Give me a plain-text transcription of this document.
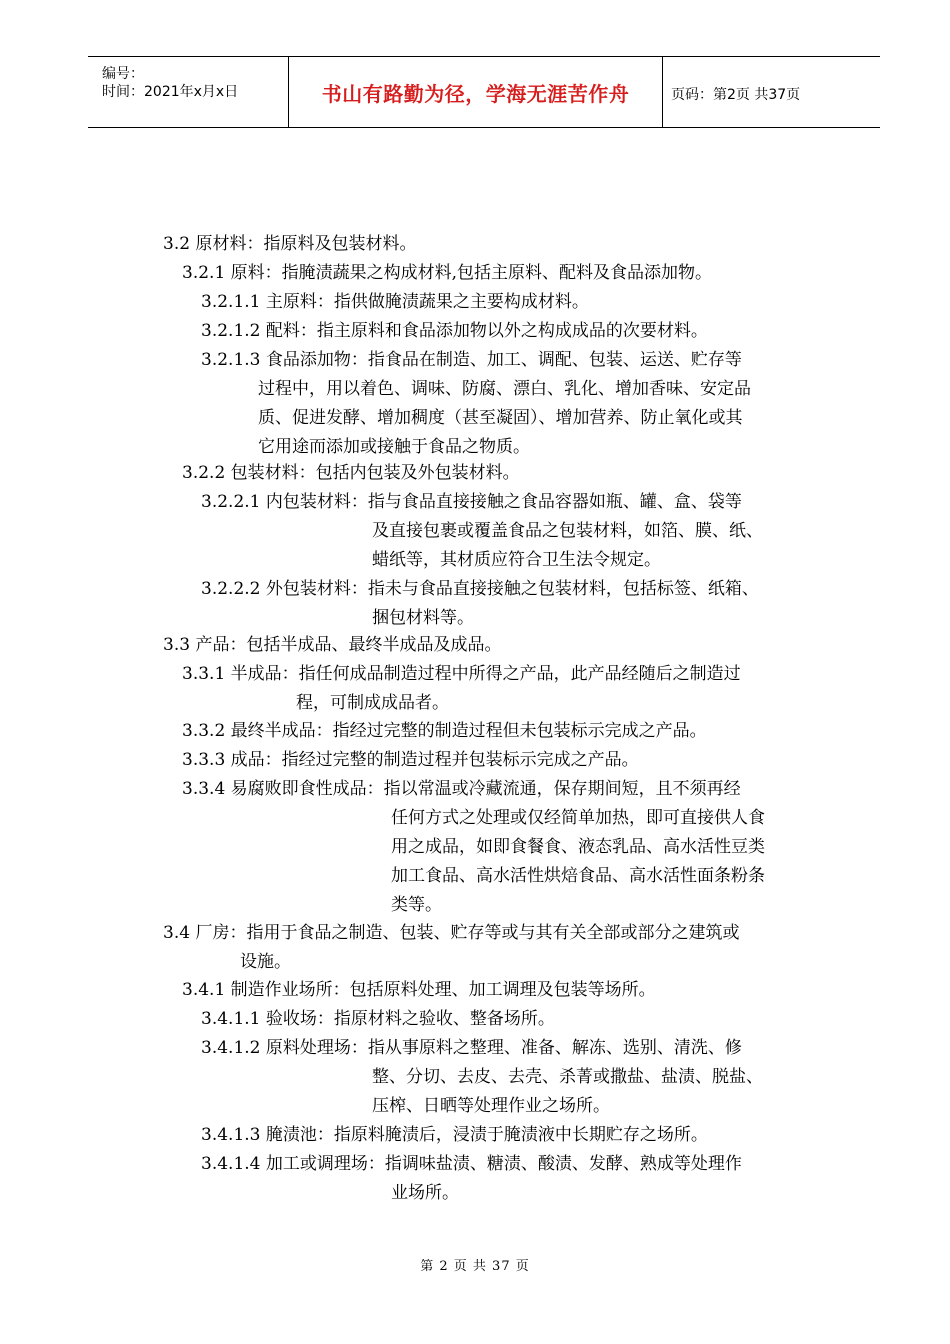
编号：
时间：2021年x月x日	书山有路勤为径，学海无涯苦作舟	页码：第2页 共37页
3.2 原材料：指原料及包装材料。
3.2.1 原料：指腌渍蔬果之构成材料,包括主原料、配料及食品添加物。
3.2.1.1 主原料：指供做腌渍蔬果之主要构成材料。
3.2.1.2 配料：指主原料和食品添加物以外之构成成品的次要材料。
3.2.1.3 食品添加物：指食品在制造、加工、调配、包装、运送、贮存等
过程中，用以着色、调味、防腐、漂白、乳化、增加香味、安定品
质、促进发酵、增加稠度（甚至凝固）、增加营养、防止氧化或其
它用途而添加或接触于食品之物质。
3.2.2 包装材料：包括内包装及外包装材料。
3.2.2.1 内包装材料：指与食品直接接触之食品容器如瓶、罐、盒、袋等
及直接包裹或覆盖食品之包装材料，如箔、膜、纸、
蜡纸等，其材质应符合卫生法令规定。
3.2.2.2 外包装材料：指未与食品直接接触之包装材料，包括标签、纸箱、
捆包材料等。
3.3 产品：包括半成品、最终半成品及成品。
3.3.1 半成品：指任何成品制造过程中所得之产品，此产品经随后之制造过
程，可制成成品者。
3.3.2 最终半成品：指经过完整的制造过程但未包装标示完成之产品。
3.3.3 成品：指经过完整的制造过程并包装标示完成之产品。
3.3.4 易腐败即食性成品：指以常温或冷藏流通，保存期间短，且不须再经
任何方式之处理或仅经简单加热，即可直接供人食
用之成品，如即食餐食、液态乳品、高水活性豆类
加工食品、高水活性烘焙食品、高水活性面条粉条
类等。
3.4 厂房：指用于食品之制造、包装、贮存等或与其有关全部或部分之建筑或
设施。
3.4.1 制造作业场所：包括原料处理、加工调理及包装等场所。
3.4.1.1 验收场：指原材料之验收、整备场所。
3.4.1.2 原料处理场：指从事原料之整理、准备、解冻、选别、清洗、修
整、分切、去皮、去壳、杀菁或撒盐、盐渍、脱盐、
压榨、日晒等处理作业之场所。
3.4.1.3 腌渍池：指原料腌渍后，浸渍于腌渍液中长期贮存之场所。
3.4.1.4 加工或调理场：指调味盐渍、糖渍、酸渍、发酵、熟成等处理作
业场所。
第 2 页 共 37 页
